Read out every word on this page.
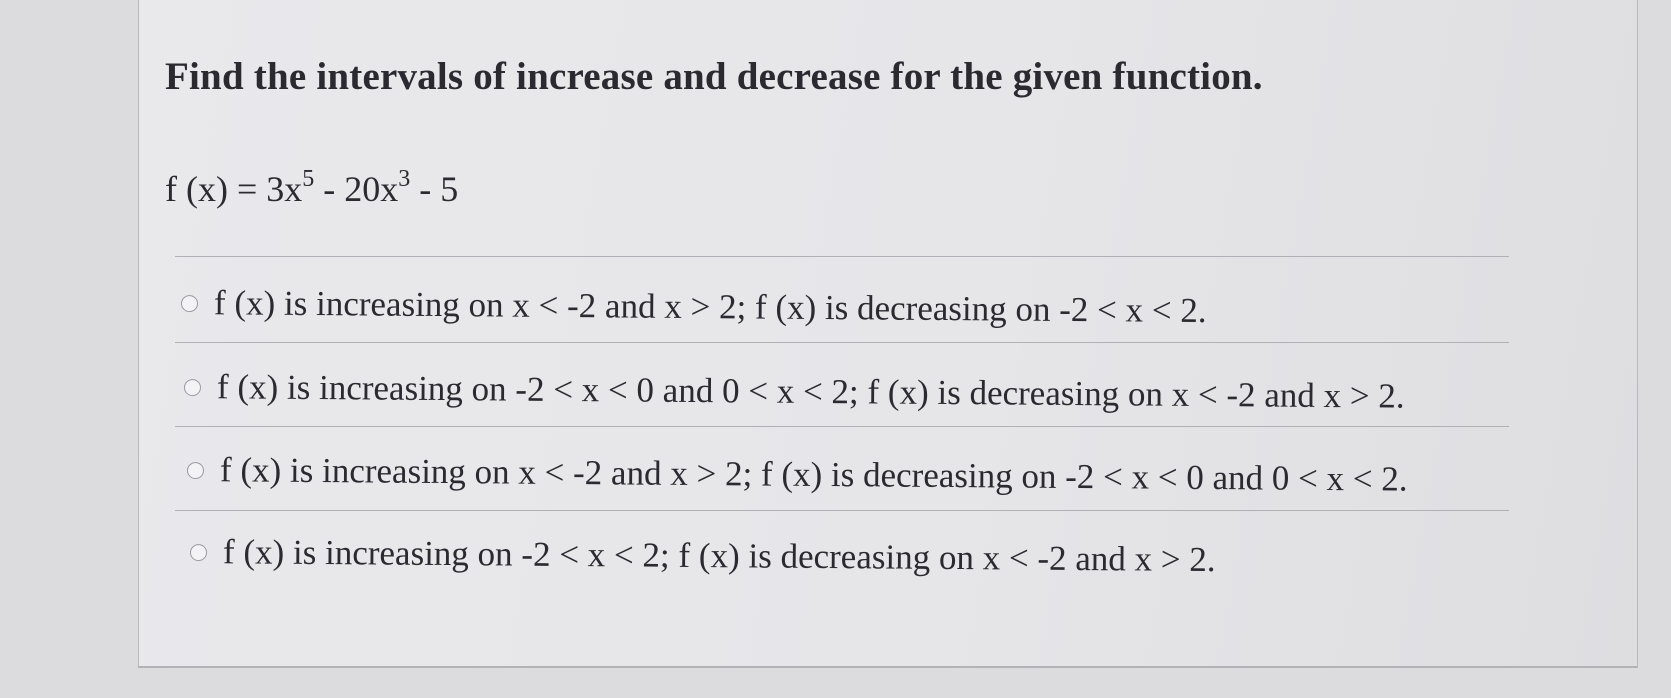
Find the intervals of increase and decrease for the given function.
f $(x) = 3x^5 - 20x^3 - 5$
f (x) is increasing on x < -2 and x > 2; f (x) is decreasing on -2 < x < 2.
f (x) is increasing on -2 < x < 0 and 0 < x < 2; f (x) is decreasing on x < -2 and x > 2.
f (x) is increasing on x < -2 and x > 2; f (x) is decreasing on -2 < x < 0 and 0 < x < 2.
f (x) is increasing on -2 < x < 2; f (x) is decreasing on x < -2 and x > 2.
